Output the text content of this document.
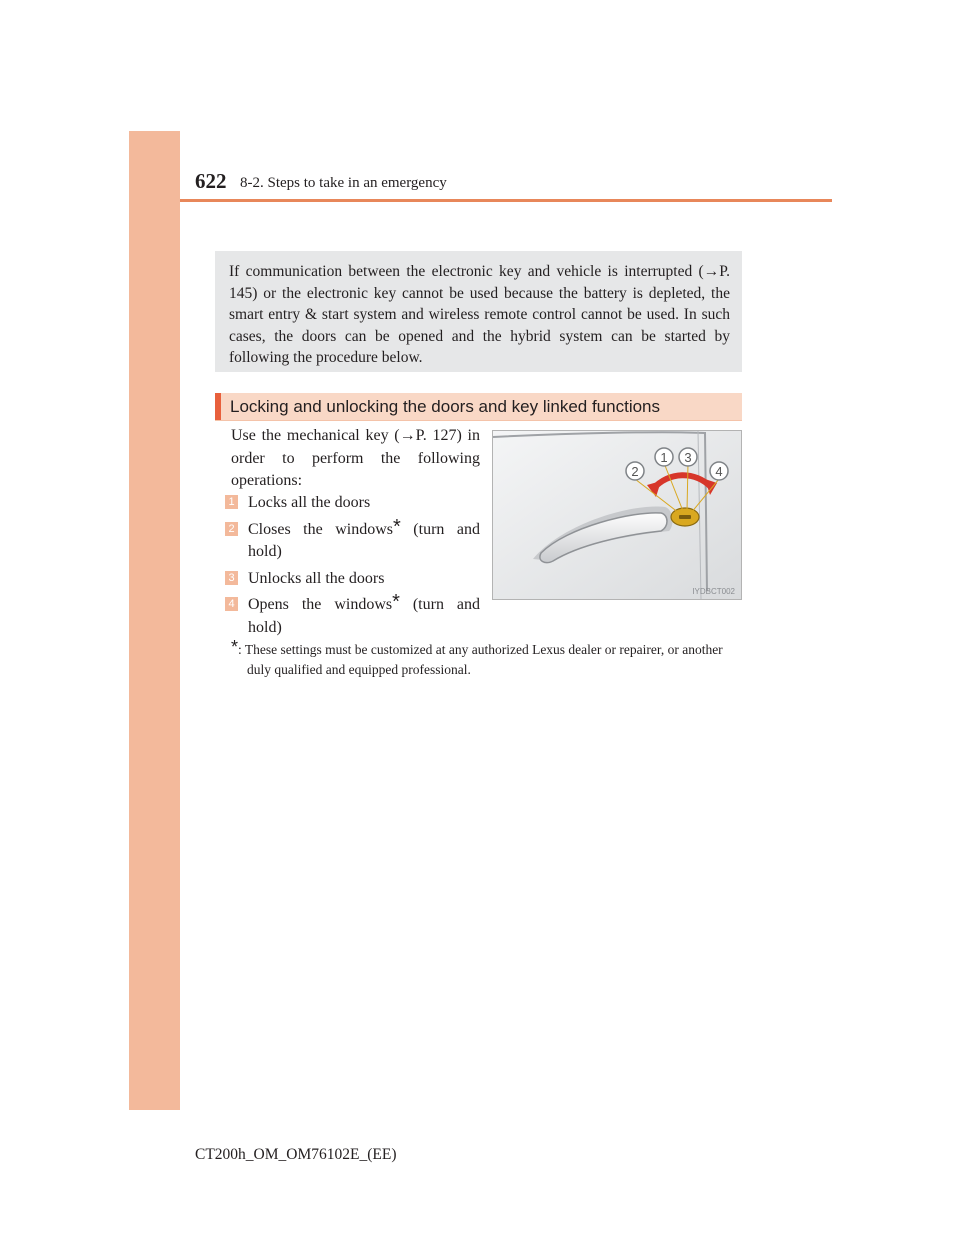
622 8-2. Steps to take in an emergency
If communication between the electronic key and vehicle is interrupted (→P. 145) or the electronic key cannot be used because the battery is depleted, the smart entry & start system and wireless remote control cannot be used. In such cases, the doors can be opened and the hybrid system can be started by following the procedure below.
Locking and unlocking the doors and key linked functions
Use the mechanical key (→P. 127) in order to perform the following operations:
1 Locks all the doors
2 Closes the windows* (turn and hold)
3 Unlocks all the doors
4 Opens the windows* (turn and hold)
2
1 3
4
IYDBCT002
*: These settings must be customized at any authorized Lexus dealer or repairer, or another duly qualified and equipped professional.
CT200h_OM_OM76102E_(EE)
